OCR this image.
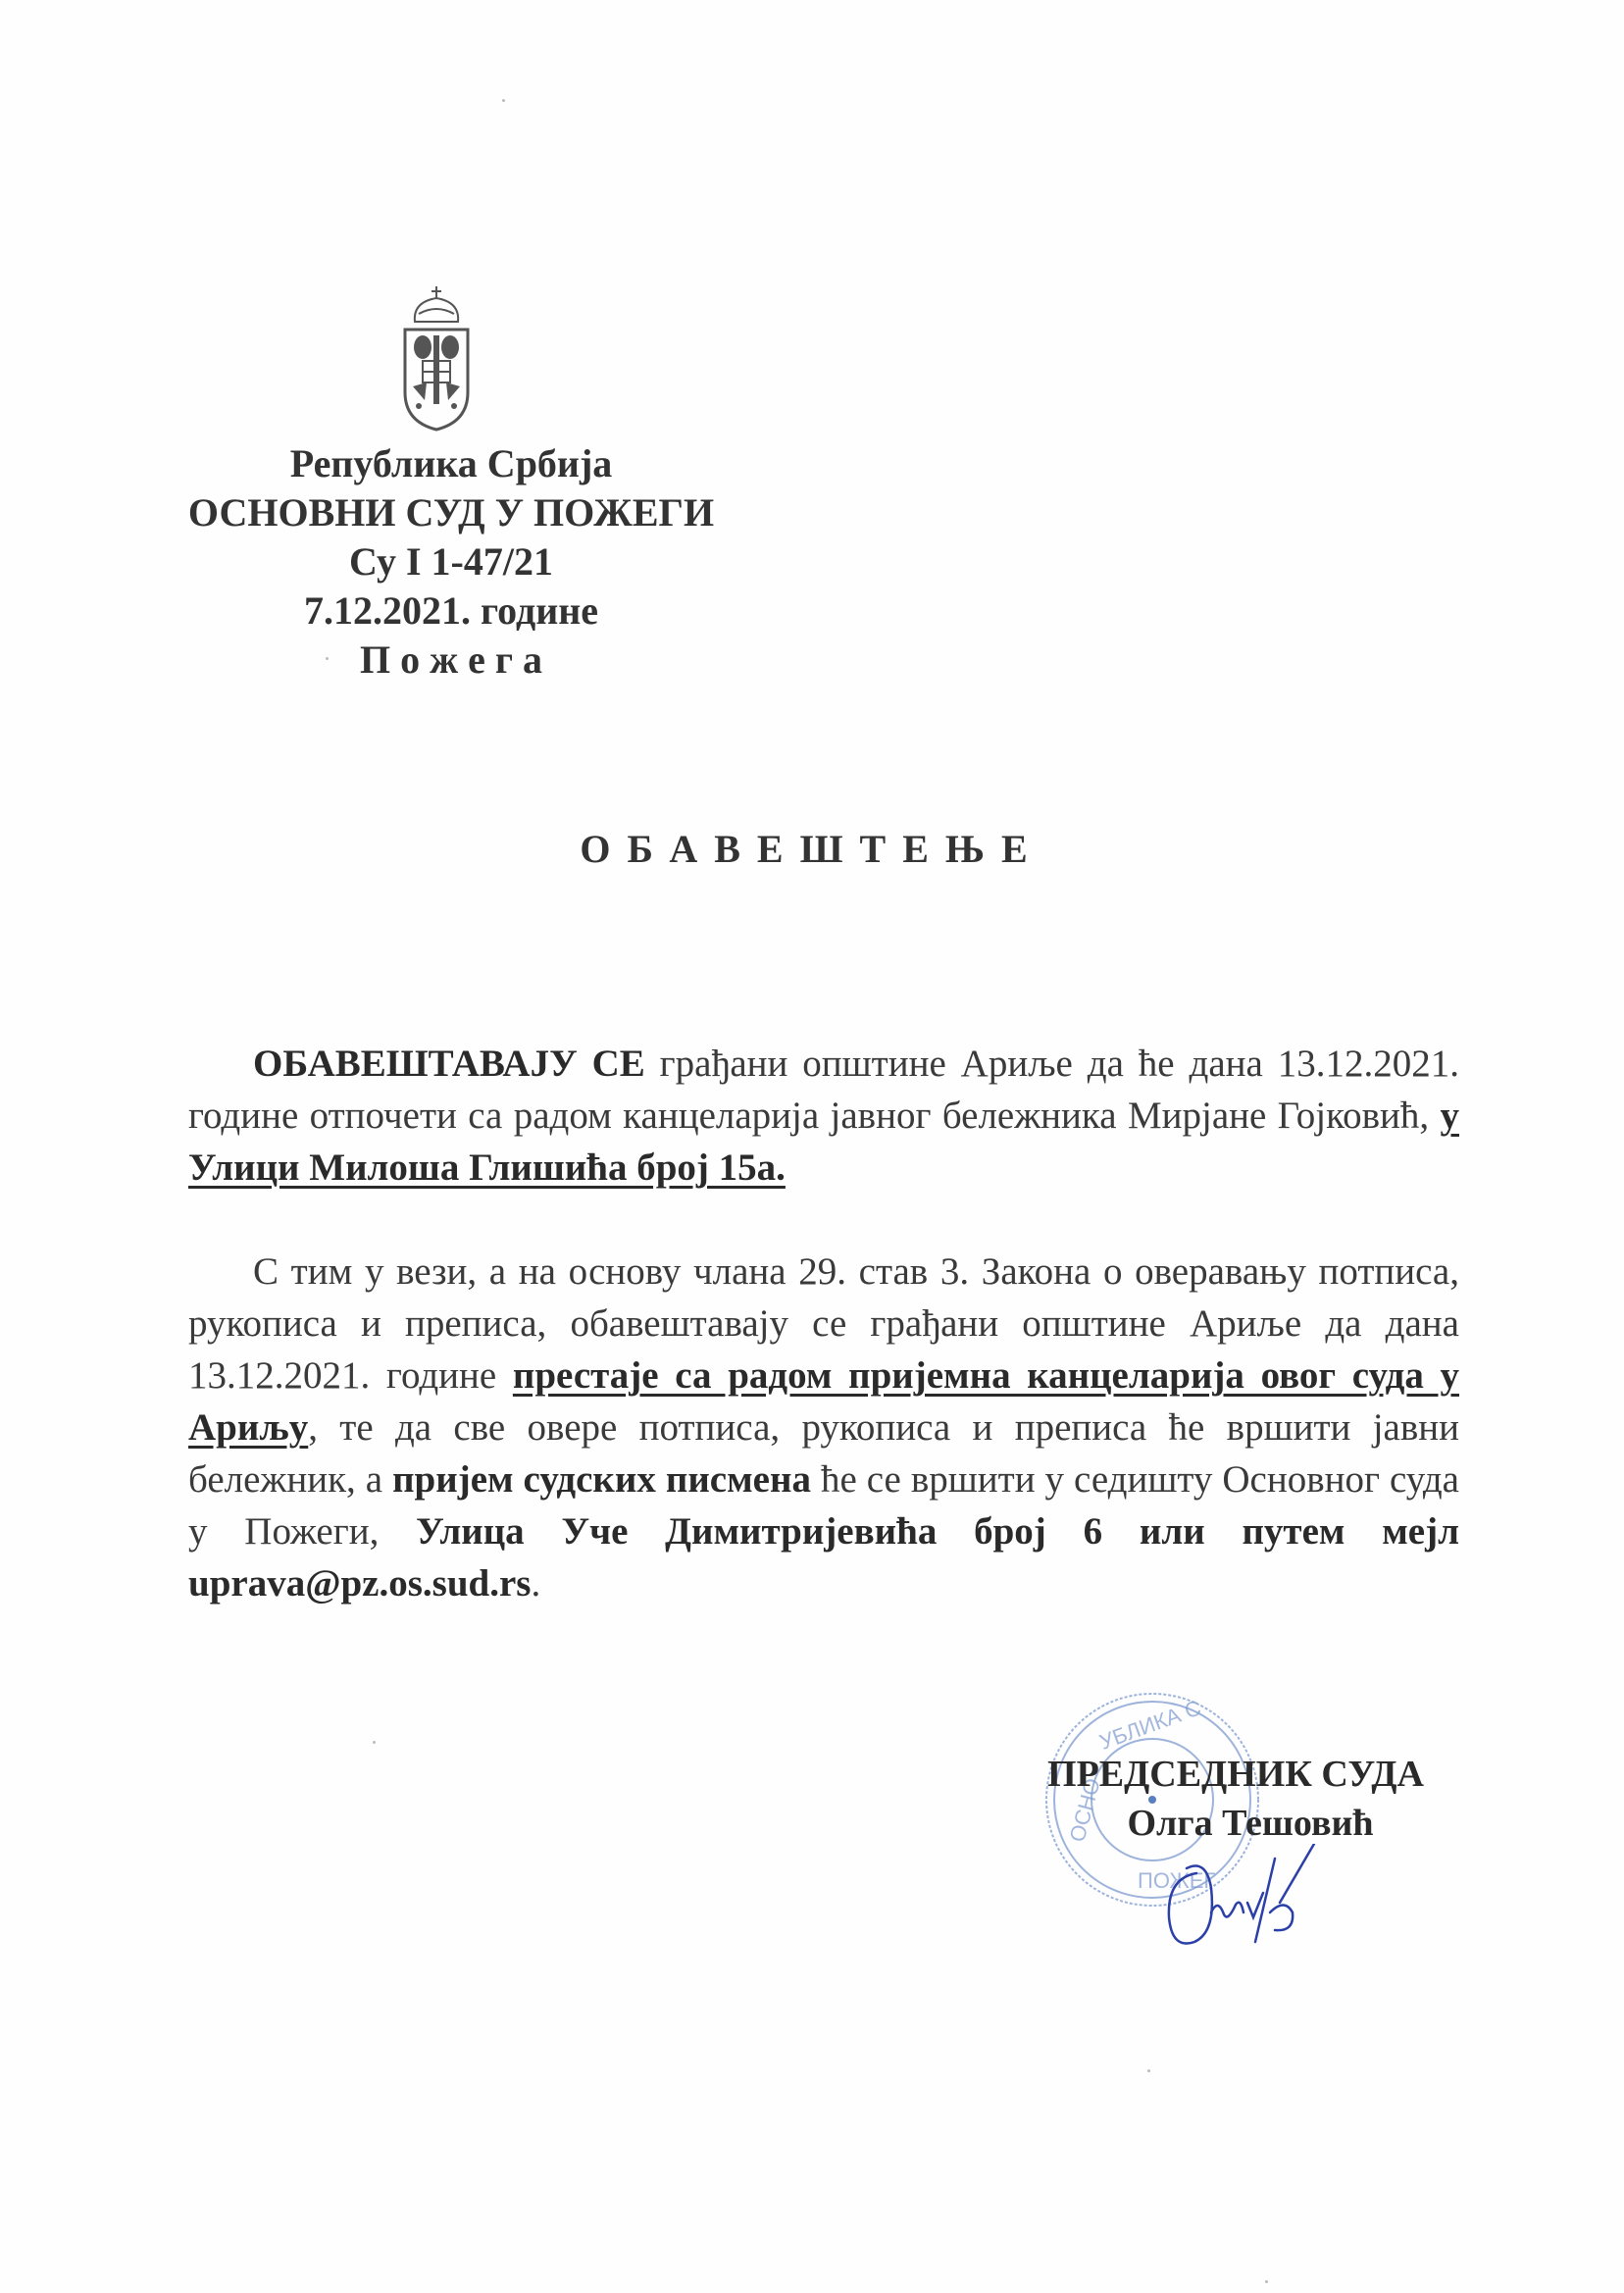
Република Србија
ОСНОВНИ СУД У ПОЖЕГИ
Су I 1-47/21
7.12.2021. године
П о ж е г а
ОБАВЕШТЕЊЕ

ОБАВЕШТАВАЈУ СЕ грађани општине Ариље да ће дана 13.12.2021. године отпочети са радом канцеларија јавног бележника Мирјане Гојковић, у Улици Милоша Глишића број 15а.

С тим у вези, а на основу члана 29. став 3. Закона о оверавању потписа, рукописа и преписа, обавештавају се грађани општине Ариље да дана 13.12.2021. године престаје са радом пријемна канцеларија овог суда у Ариљу, те да све овере потписа, рукописа и преписа ће вршити јавни бележник, а пријем судских писмена ће се вршити у седишту Основног суда у Пожеги, Улица Уче Димитријевића број 6 или путем мејл uprava@pz.os.sud.rs.

УБЛИКА С
ОСНО
ПОЖЕГ
ПРЕДСЕДНИК СУДА
Олга Тешовић
